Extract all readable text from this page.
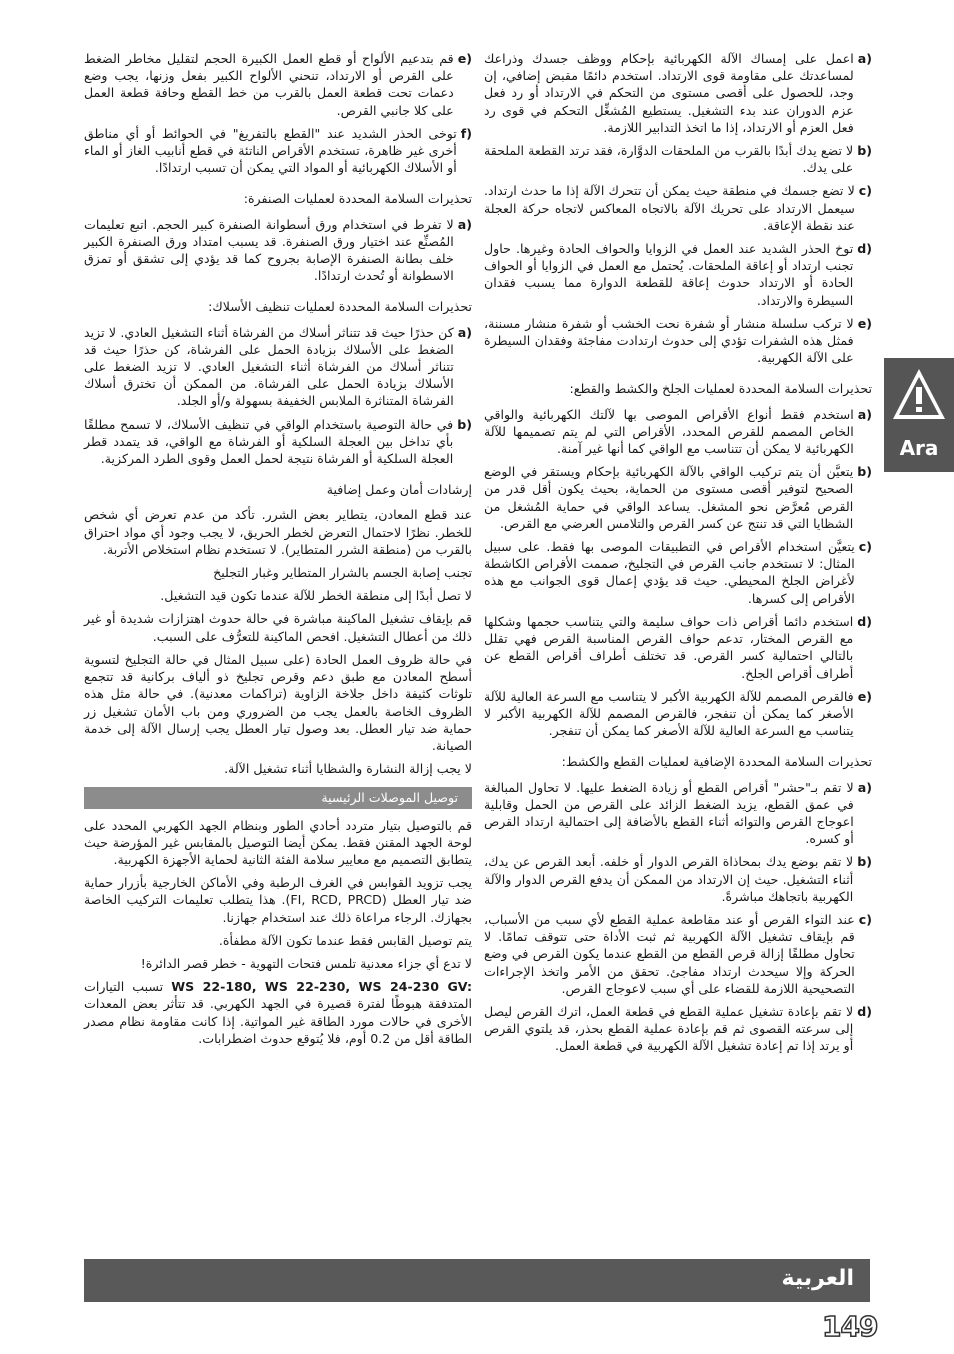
a)
اعمل على إمساك الآلة الكهربائية بإحكام ووظف جسدك وذراعك لمساعدتك على مقاومة قوى الارتداد. استخدم دائمًا مقبض إضافي، إن وجد، للحصول على أقصى مستوى من التحكم في الارتداد أو رد فعل عزم الدوران عند بدء التشغيل. يستطيع المُشغِّل التحكم في قوى رد فعل العزم أو الارتداد، إذا ما اتخذ التدابير اللازمة.
b)
لا تضع يدك أبدًا بالقرب من الملحقات الدوَّارة، فقد ترتد القطعة الملحقة على يدك.
c)
لا تضع جسمك في منطقة حيث يمكن أن تتحرك الآلة إذا ما حدث ارتداد. سيعمل الارتداد على تحريك الآلة بالاتجاه المعاكس لاتجاه حركة العجلة عند نقطة الإعاقة.
d)
توخ الحذر الشديد عند العمل في الزوايا والحواف الحادة وغيرها. حاول تجنب ارتداد أو إعاقة الملحقات. يُحتمل مع العمل في الزوايا أو الحواف الحادة أو الارتداد حدوث إعاقة للقطعة الدوارة مما يسبب فقدان السيطرة والارتداد.
e)
لا تركب سلسلة منشار أو شفرة نحت الخشب أو شفرة منشار مسننة، فمثل هذه الشفرات تؤدي إلى حدوث ارتدادت مفاجئة وفقدان السيطرة على الآلة الكهربية.
تحذيرات السلامة المحددة لعمليات الجلخ والكشط والقطع:
a)
استخدم فقط أنواع الأقراص الموصى بها لآلتك الكهربائية والواقي الخاص المصمم للقرص المحدد، الأقراص التي لم يتم تصميمها للآلة الكهربائية لا يمكن أن تتناسب مع الواقي كما أنها غير آمنة.
b)
يتعيَّن أن يتم تركيب الواقي بالآلة الكهربائية بإحكام ويستقر في الوضع الصحيح لتوفير أقصى مستوى من الحماية، بحيث يكون أقل قدر من القرص مُعرَّض نحو المشغل. يساعد الواقي في حماية المُشغل من الشظايا التي قد تنتج عن كسر القرص والتلامس العرضي مع القرص.
c)
يتعيَّن استخدام الأقراص في التطبيقات الموصى بها فقط. على سبيل المثال: لا تستخدم جانب القرص في التجليخ، صممت الأقراص الكاشطة لأغراض الجلخ المحيطي. حيث قد يؤدي إعمال قوى الجوانب مع هذه الأقراص إلى كسرها.
d)
استخدم دائما أقراص ذات حواف سليمة والتي يتناسب حجمها وشكلها مع القرص المختار، تدعم حواف القرص المناسبة القرص فهي تقلل بالتالي احتمالية كسر القرص. قد تختلف أطراف أقراص القطع عن أطراف أقراص الجلخ.
e)
فالقرص المصمم للآلة الكهربية الأكبر لا يتناسب مع السرعة العالية للآلة الأصغر كما يمكن أن تنفجر، فالقرص المصمم للآلة الكهربية الأكبر لا يتناسب مع السرعة العالية للآلة الأصغر كما يمكن أن تنفجر.
تحذيرات السلامة المحددة الإضافية لعمليات القطع والكشط:
a)
لا تقم بـ"حشر" أقراص القطع أو زيادة الضغط عليها. لا تحاول المبالغة في عمق القطع، يزيد الضغط الزائد على القرص من الحمل وقابلية اعوجاج القرص والتوائه أثناء القطع بالأضافة إلى احتمالية ارتداد القرص أو كسره.
b)
لا تقم بوضع يدك بمحاذاة القرص الدوار أو خلفه. أبعد القرص عن يدك، أثناء التشغيل. حيث إن الارتداد من الممكن أن يدفع القرص الدوار والآلة الكهربية باتجاهك مباشرةً.
c)
عند التواء القرص أو عند مقاطعة عملية القطع لأي سبب من الأسباب، قم بإيقاف تشغيل الآلة الكهربية ثم ثبت الأداة حتى تتوقف تمامًا. لا تحاول مطلقًا إزالة قرص القطع من القطع عندما يكون القرص في وضع الحركة وإلا سيحدث ارتداد مفاجئ. تحقق من الأمر واتخذ الإجراءات التصحيحية اللازمة للقضاء على أي سبب لاعوجاج القرص.
d)
لا تقم بإعادة تشغيل عملية القطع في قطعة العمل، اترك القرص ليصل إلى سرعته القصوى ثم قم بإعادة عملية القطع بحذر، قد يلتوي القرص أو يرتد إذا تم إعادة تشغيل الآلة الكهربية في قطعة العمل.
e)
قم بتدعيم الألواح أو قطع العمل الكبيرة الحجم لتقليل مخاطر الضغط على القرص أو الارتداد، تنحني الألواح الكبير بفعل وزنها، يجب وضع دعمات تحت قطعة العمل بالقرب من خط القطع وحافة قطعة العمل على كلا جانبي القرص.
f)
توخى الحذر الشديد عند "القطع بالتفريغ" في الحوائط أو أي مناطق أخرى غير ظاهرة، تستخدم الأقراص الناتئة في قطع أنابيب الغاز أو الماء أو الأسلاك الكهربائية أو المواد التي يمكن أن تسبب ارتدادًا.
تحذيرات السلامة المحددة لعمليات الصنفرة:
a)
لا تفرط في استخدام ورق أسطوانة الصنفرة كبير الحجم. اتبع تعليمات المُصنِّع عند اختيار ورق الصنفرة. قد يسبب امتداد ورق الصنفرة الكبير خلف بطانة الصنفرة الإصابة بجروح كما قد يؤدي إلى تشقق أو تمزق الاسطوانة أو تُحدث ارتدادًا.
تحذيرات السلامة المحددة لعمليات تنظيف الأسلاك:
a)
كن حذرًا حيث قد تتناثر أسلاك من الفرشاة أثناء التشغيل العادي. لا تزيد الضغط على الأسلاك بزيادة الحمل على الفرشاة، كن حذرًا حيث قد تتناثر أسلاك من الفرشاة أثناء التشغيل العادي. لا تزيد الضغط على الأسلاك بزيادة الحمل على الفرشاة. من الممكن أن تخترق أسلاك الفرشاة المتناثرة الملابس الخفيفة بسهولة و/أو الجلد.
b)
في حالة التوصية باستخدام الواقي في تنظيف الأسلاك، لا تسمح مطلقًا بأي تداخل بين العجلة السلكية أو الفرشاة مع الواقي، قد يتمدد قطر العجلة السلكية أو الفرشاة نتيجة لحمل العمل وقوى الطرد المركزية.
إرشادات أمان وعمل إضافية

عند قطع المعادن، يتطاير بعض الشرر. تأكد من عدم تعرض أي شخص للخطر. نظرًا لاحتمال التعرض لخطر الحريق، لا يجب وجود أي مواد احتراق بالقرب من (منطقة الشرر المتطاير). لا تستخدم نظام استخلاص الأتربة.

تجنب إصابة الجسم بالشرار المتطاير وغبار التجليخ

لا تصل أبدًا إلى منطقة الخطر للآلة عندما تكون قيد التشغيل.

قم بإيقاف تشغيل الماكينة مباشرة في حالة حدوث اهتزازات شديدة أو غير ذلك من أعطال التشغيل. افحص الماكينة للتعرُّف على السبب.

في حالة ظروف العمل الحادة (على سبيل المثال في حالة التجليخ لتسوية أسطح المعادن مع طبق دعم وقرص تجليخ ذو ألياف بركانية قد تتجمع تلوثات كثيفة داخل جلاخة الزاوية (تراكمات معدنية). في حالة مثل هذه الظروف الخاصة بالعمل يجب من الضروري ومن باب الأمان تشغيل زر حماية ضد تيار العطل. بعد وصول تيار العطل يجب إرسال الآلة إلى خدمة الصيانة.

لا يجب إزالة النشارة والشظايا أثناء تشغيل الآلة.

توصيل الموصلات الرئيسية

قم بالتوصيل بتيار متردد أحادي الطور وبنظام الجهد الكهربي المحدد على لوحة الجهد المقنن فقط. يمكن أيضا التوصيل بالمقابس غير المؤرضة حيث يتطابق التصميم مع معايير سلامة الفئة الثانية لحماية الأجهزة الكهربية.

يجب تزويد القوابس في الغرف الرطبة وفي الأماكن الخارجية بأزرار حماية ضد تيار العطل (FI, RCD, PRCD). هذا يتطلب تعليمات التركيب الخاصة بجهازك. الرجاء مراعاة ذلك عند استخدام جهازنا.

يتم توصيل القابس فقط عندما تكون الآلة مطفأة.

لا تدع أي جزاء معدنية تلمس فتحات التهوية - خطر قصر الدائرة!

WS 22-180, WS 22-230, WS 24-230 GV: تسبب التيارات المتدفقة هبوطًا لفترة قصيرة في الجهد الكهربي. قد تتأثر بعض المعدات الأخرى في حالات مورد الطاقة غير المواتية. إذا كانت مقاومة نظام مصدر الطاقة أقل من 0.2 أوم، فلا يُتوقع حدوث اضطرابات.

Ara
العربية
149
